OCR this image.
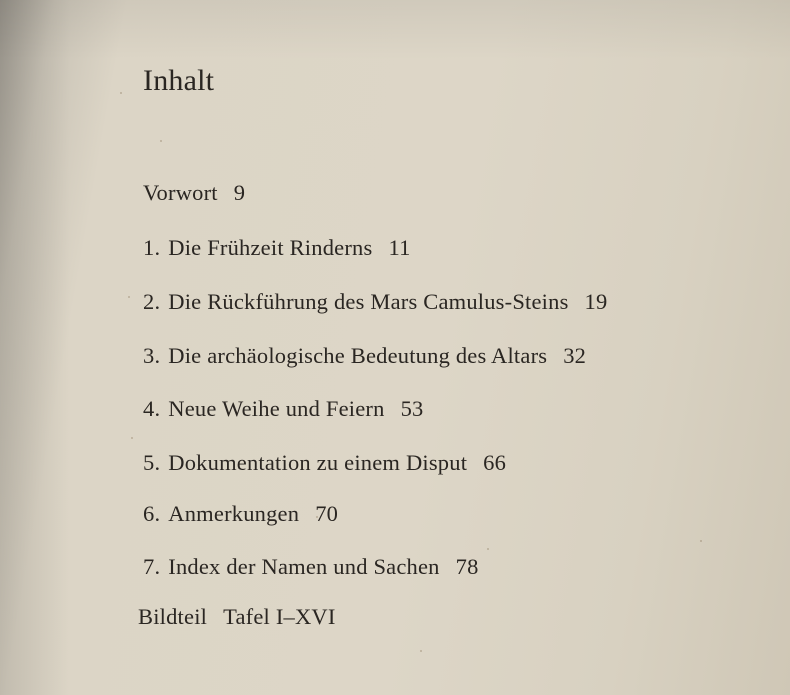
Inhalt
Vorwort 9
1. Die Frühzeit Rinderns 11
2. Die Rückführung des Mars Camulus-Steins 19
3. Die archäologische Bedeutung des Altars 32
4. Neue Weihe und Feiern 53
5. Dokumentation zu einem Disput 66
6. Anmerkungen 70
7. Index der Namen und Sachen 78
Bildteil Tafel I–XVI
